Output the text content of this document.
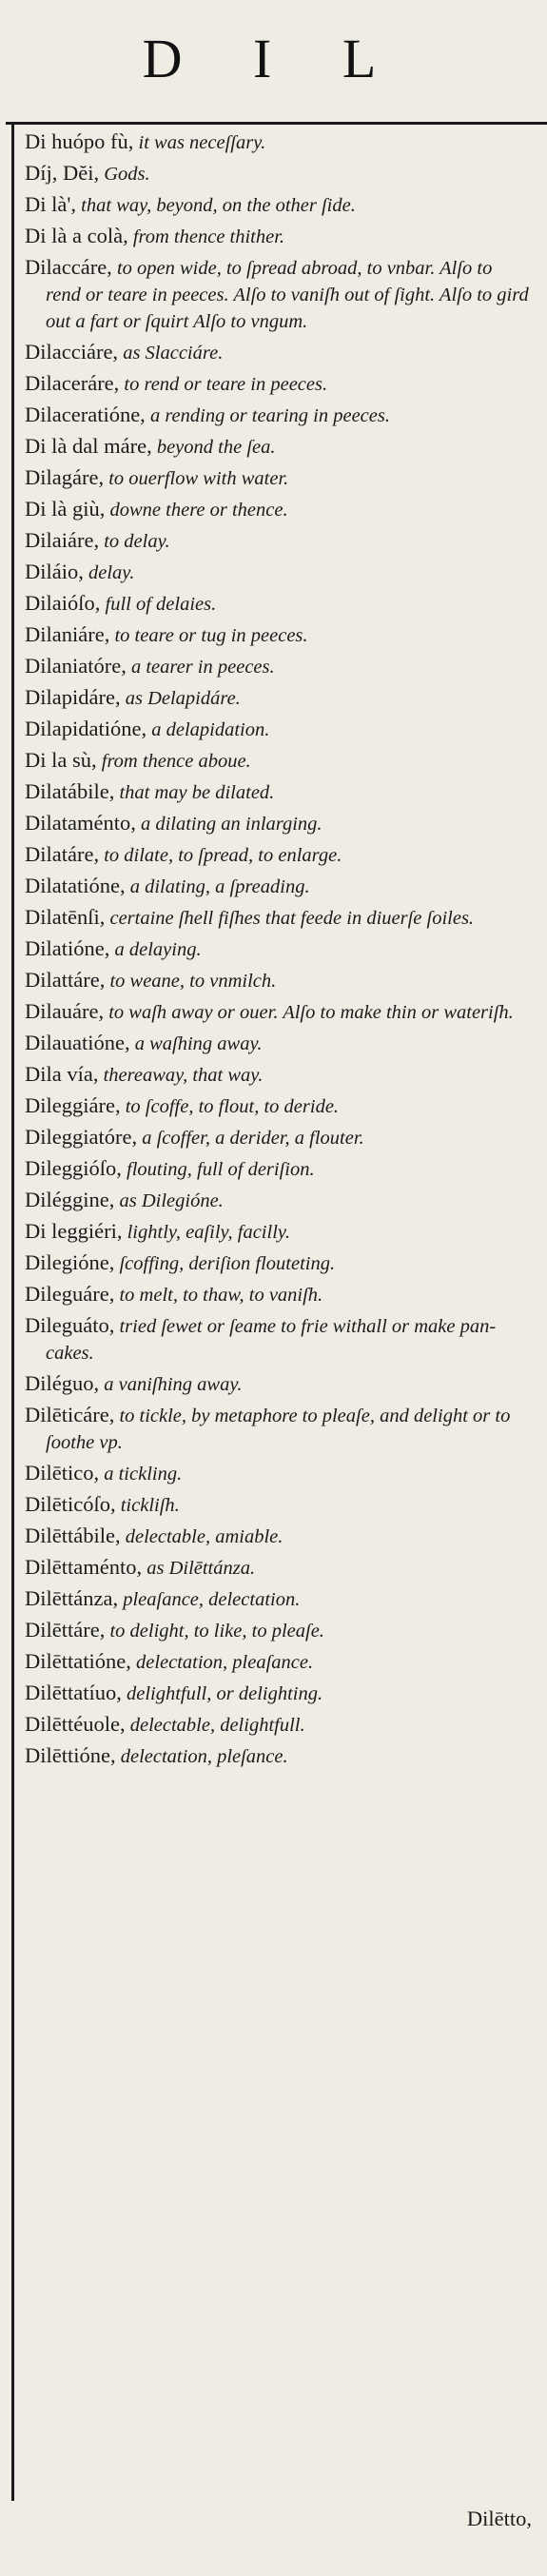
D I L
Di huópo fù, it was neceſſary.
Díj, Dĕi, Gods.
Di là', that way, beyond, on the other ſide.
Di là a colà, from thence thither.
Dilaccáre, to open wide, to ſpread abroad, to vnbar. Alſo to rend or teare in peeces. Alſo to vaniſh out of ſight. Alſo to gird out a fart or ſquirt Alſo to vngum.
Dilacciáre, as Slacciáre.
Dilaceráre, to rend or teare in peeces.
Dilaceratióne, a rending or tearing in peeces.
Di là dal máre, beyond the ſea.
Dilagáre, to ouerflow with water.
Di là giù, downe there or thence.
Dilaiáre, to delay.
Diláio, delay.
Dilaióſo, full of delaies.
Dilaniáre, to teare or tug in peeces.
Dilaniatóre, a tearer in peeces.
Dilapidáre, as Delapidáre.
Dilapidatióne, a delapidation.
Di la sù, from thence aboue.
Dilatábile, that may be dilated.
Dilataménto, a dilating an inlarging.
Dilatáre, to dilate, to ſpread, to enlarge.
Dilatatióne, a dilating, a ſpreading.
Dilatēnſi, certaine ſhell fiſhes that feede in diuerſe ſoiles.
Dilatióne, a delaying.
Dilattáre, to weane, to vnmilch.
Dilauáre, to waſh away or ouer. Alſo to make thin or wateriſh.
Dilauatióne, a waſhing away.
Dila vía, thereaway, that way.
Dileggiáre, to ſcoffe, to flout, to deride.
Dileggiatóre, a ſcoffer, a derider, a flouter.
Dileggióſo, flouting, full of deriſion.
Diléggine, as Dilegióne.
Di leggiéri, lightly, eaſily, facilly.
Dilegióne, ſcoffing, deriſion flouteting.
Dileguáre, to melt, to thaw, to vaniſh.
Dileguáto, tried ſewet or ſeame to frie withall or make pan-cakes.
Diléguo, a vaniſhing away.
Dilēticáre, to tickle, by metaphore to pleaſe, and delight or to ſoothe vp.
Dilētico, a tickling.
Dilēticóſo, tickliſh.
Dilēttábile, delectable, amiable.
Dilēttaménto, as Dilēttánza.
Dilēttánza, pleaſance, delectation.
Dilēttáre, to delight, to like, to pleaſe.
Dilēttatióne, delectation, pleaſance.
Dilēttatíuo, delightfull, or delighting.
Dilēttéuole, delectable, delightfull.
Dilēttióne, delectation, pleſance.
Dilētto,
